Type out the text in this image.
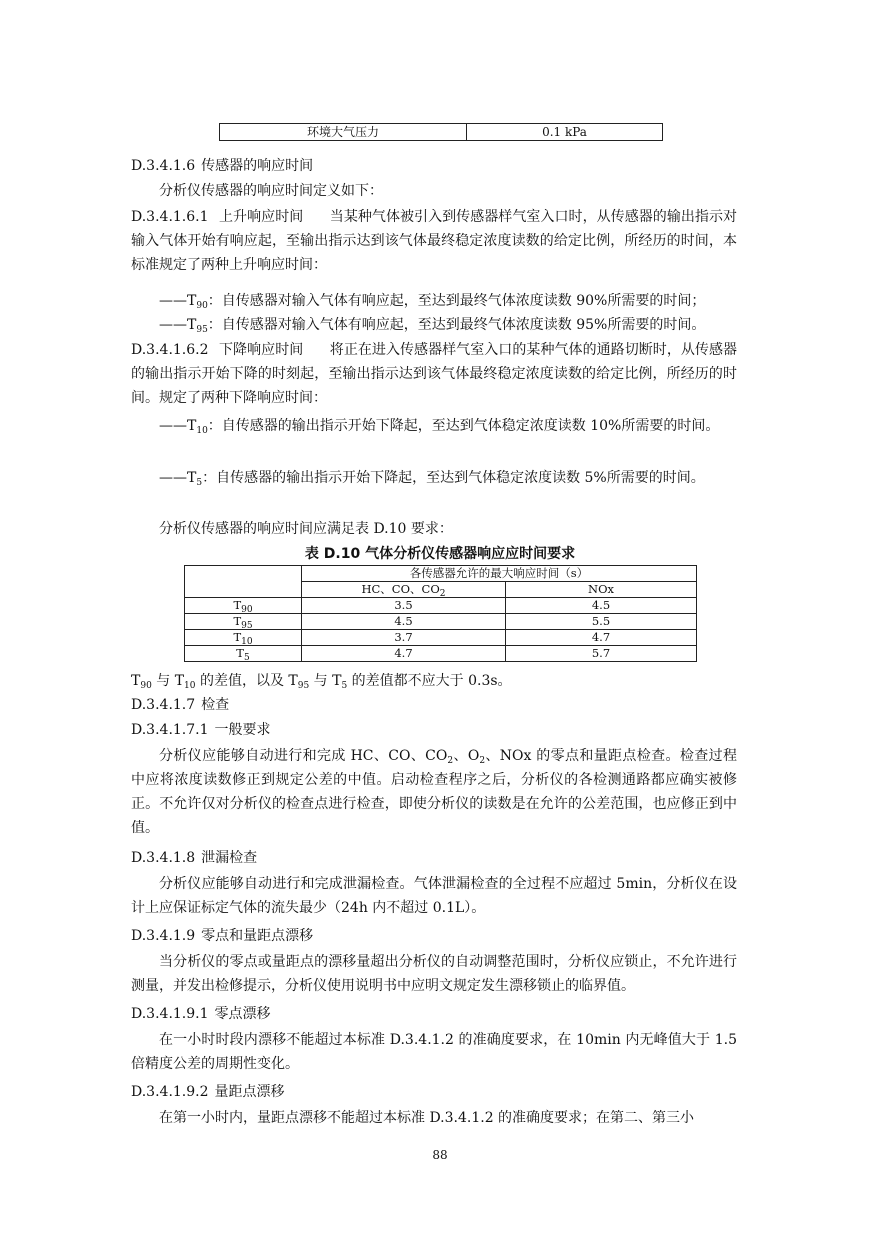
环境大气压力	0.1 kPa
D.3.4.1.6 传感器的响应时间
分析仪传感器的响应时间定义如下：
D.3.4.1.6.1 上升响应时间 当某种气体被引入到传感器样气室入口时，从传感器的输出指示对输入气体开始有响应起，至输出指示达到该气体最终稳定浓度读数的给定比例，所经历的时间，本标准规定了两种上升响应时间：
$——T_{90}$：自传感器对输入气体有响应起，至达到最终气体浓度读数 90%所需要的时间；
$——T_{95}$：自传感器对输入气体有响应起，至达到最终气体浓度读数 95%所需要的时间。
D.3.4.1.6.2 下降响应时间 将正在进入传感器样气室入口的某种气体的通路切断时，从传感器的输出指示开始下降的时刻起，至输出指示达到该气体最终稳定浓度读数的给定比例，所经历的时间。规定了两种下降响应时间：
$——T_{10}$：自传感器的输出指示开始下降起，至达到气体稳定浓度读数 10%所需要的时间。
$——T_5$：自传感器的输出指示开始下降起，至达到气体稳定浓度读数 5%所需要的时间。
分析仪传感器的响应时间应满足表 D.10 要求：
表 D.10 气体分析仪传感器响应应时间要求
	各传感器允许的最大响应时间（s）	
	HC、CO、$CO_2$	NOx
$T_{90}$	3.5	4.5
$T_{95}$	4.5	5.5
$T_{10}$	3.7	4.7
$T_5$	4.7	5.7
$T_{90}$ 与 $T_{10}$ 的差值，以及 $T_{95}$ 与 $T_5$ 的差值都不应大于 0.3s。
D.3.4.1.7 检查
D.3.4.1.7.1 一般要求
分析仪应能够自动进行和完成 HC、CO、$CO_2$、$O_2$、NOx 的零点和量距点检查。检查过程中应将浓度读数修正到规定公差的中值。启动检查程序之后，分析仪的各检测通路都应确实被修正。不允许仅对分析仪的检查点进行检查，即使分析仪的读数是在允许的公差范围，也应修正到中值。
D.3.4.1.8 泄漏检查
分析仪应能够自动进行和完成泄漏检查。气体泄漏检查的全过程不应超过 5min，分析仪在设计上应保证标定气体的流失最少（24h 内不超过 0.1L）。
D.3.4.1.9 零点和量距点漂移
当分析仪的零点或量距点的漂移量超出分析仪的自动调整范围时，分析仪应锁止，不允许进行测量，并发出检修提示，分析仪使用说明书中应明文规定发生漂移锁止的临界值。
D.3.4.1.9.1 零点漂移
在一小时时段内漂移不能超过本标准 D.3.4.1.2 的准确度要求，在 10min 内无峰值大于 1.5 倍精度公差的周期性变化。
D.3.4.1.9.2 量距点漂移
在第一小时内，量距点漂移不能超过本标准 D.3.4.1.2 的准确度要求；在第二、第三小
88
